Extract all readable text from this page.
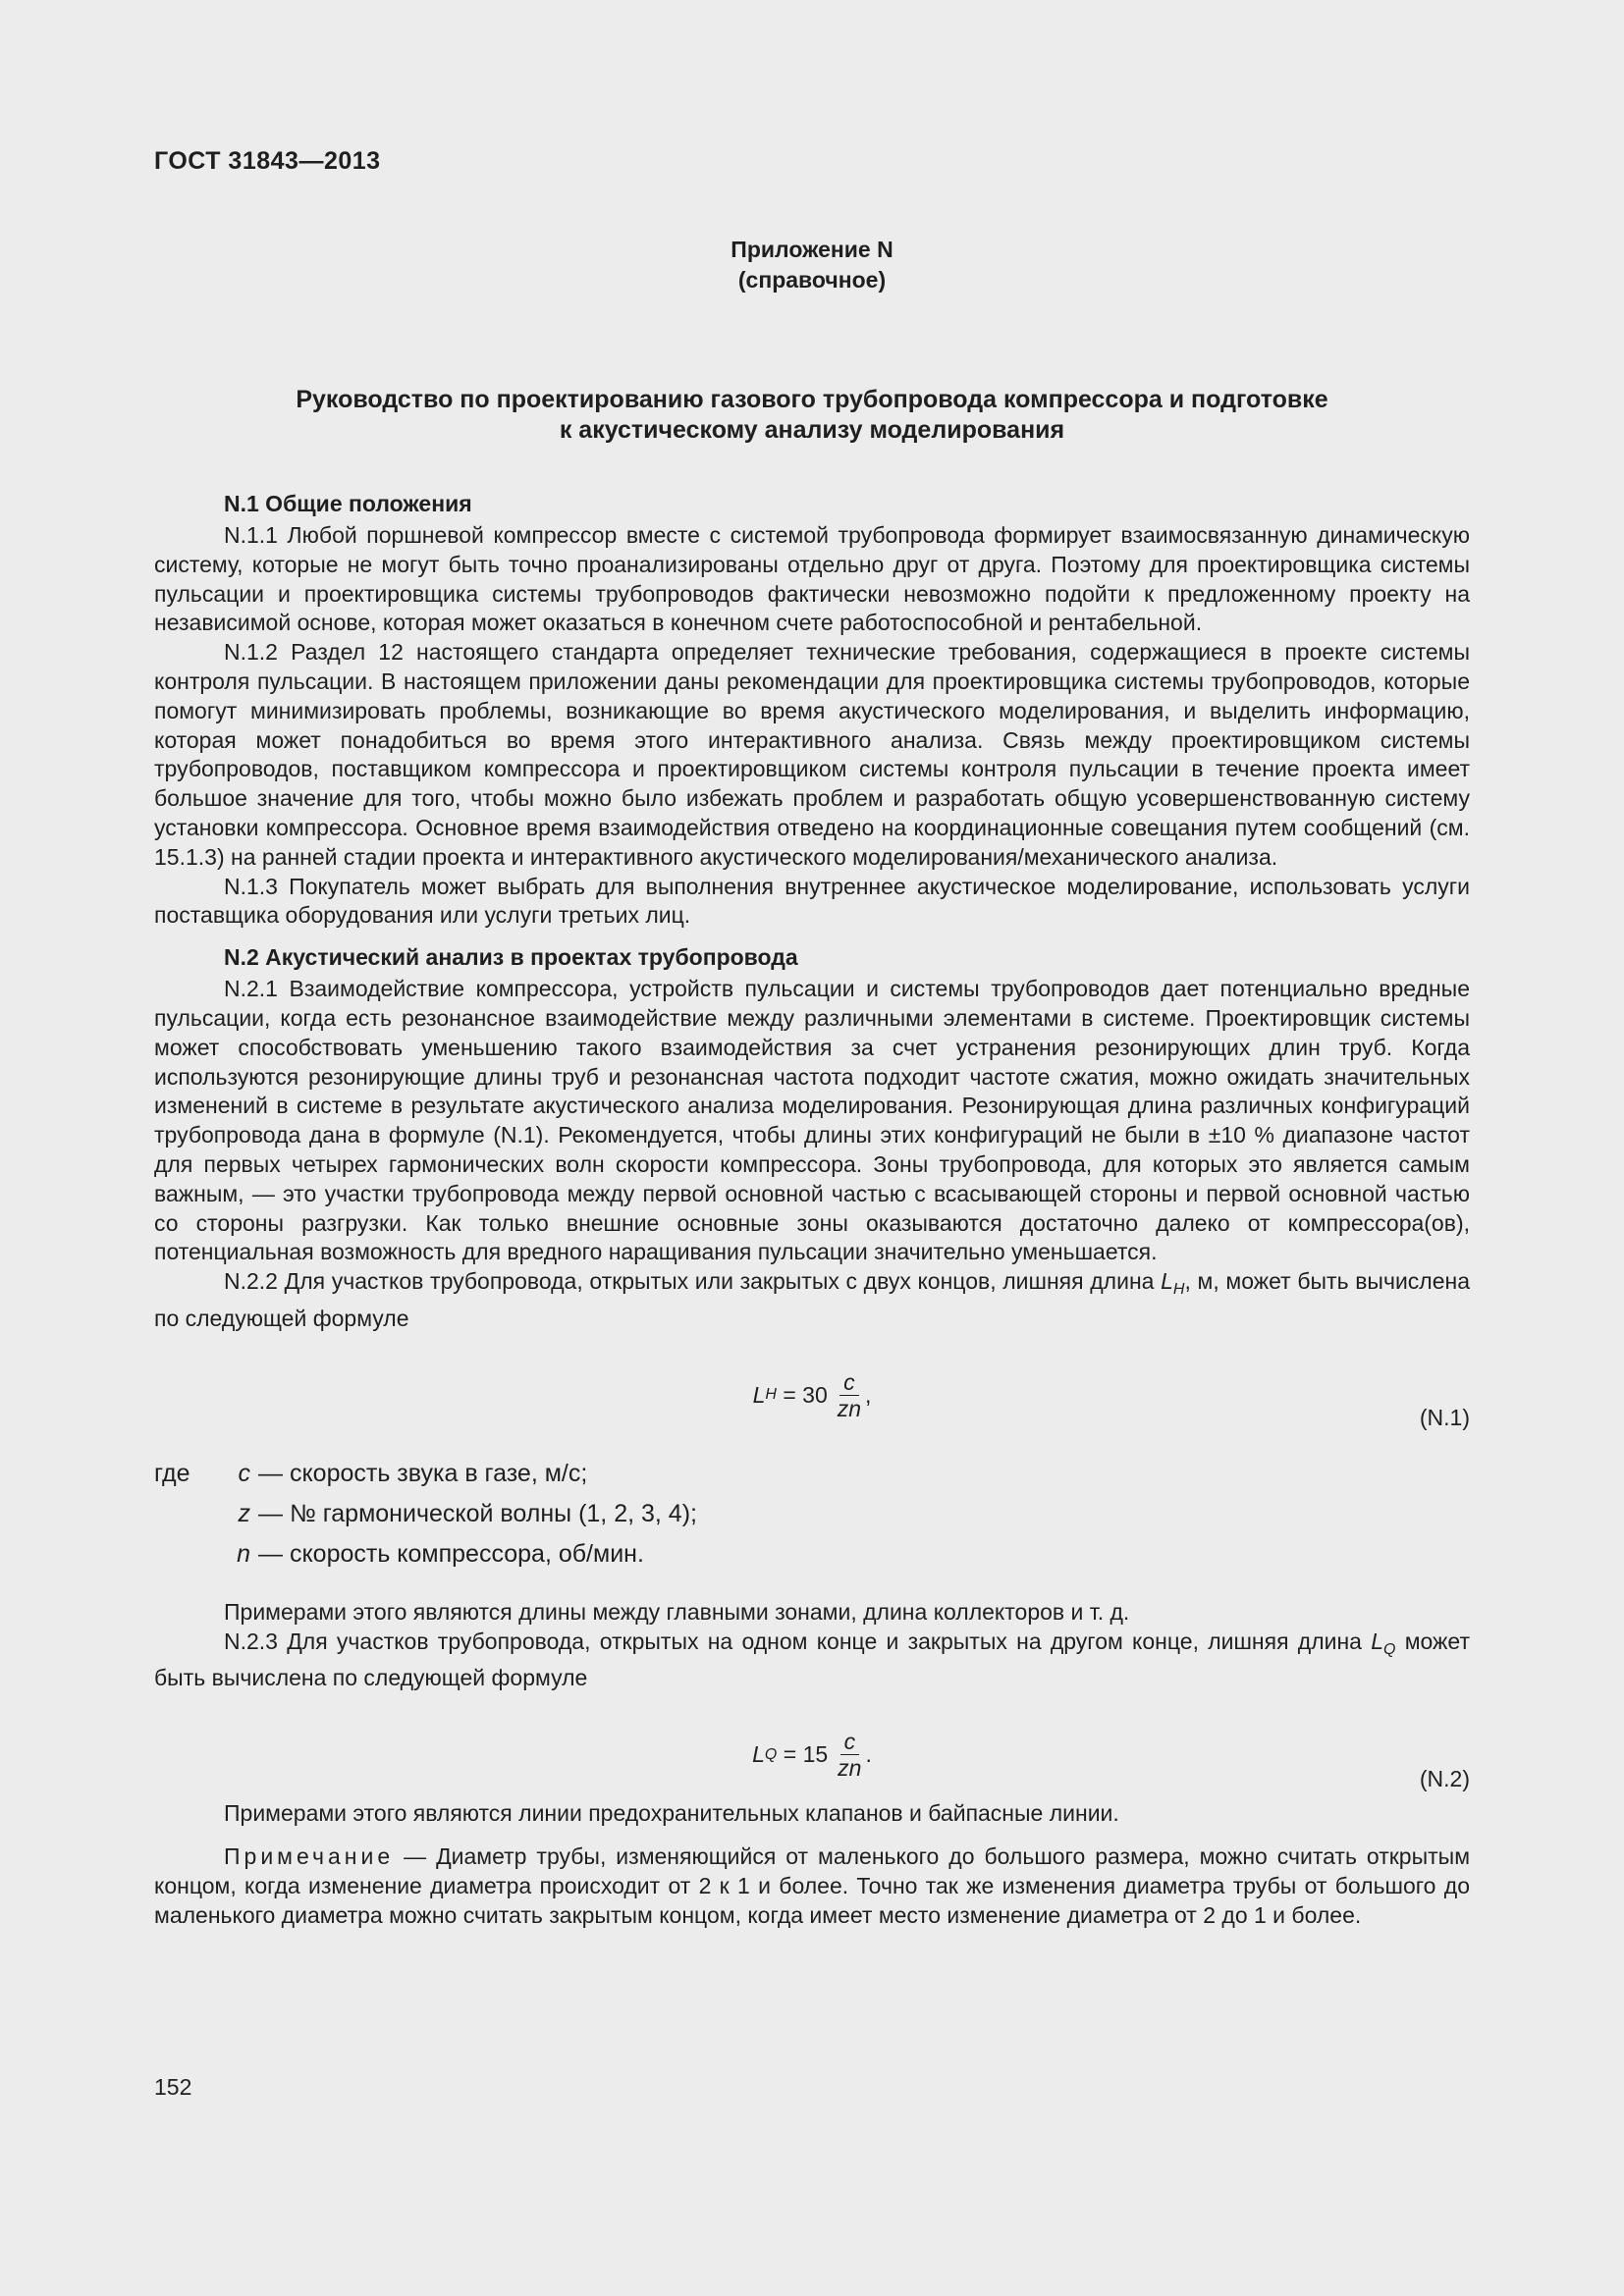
ГОСТ 31843—2013
Приложение N
(справочное)
Руководство по проектированию газового трубопровода компрессора и подготовке
к акустическому анализу моделирования
N.1 Общие положения

N.1.1 Любой поршневой компрессор вместе с системой трубопровода формирует взаимосвязанную динамическую систему, которые не могут быть точно проанализированы отдельно друг от друга. Поэтому для проектировщика системы пульсации и проектировщика системы трубопроводов фактически невозможно подойти к предложенному проекту на независимой основе, которая может оказаться в конечном счете работоспособной и рентабельной.

N.1.2 Раздел 12 настоящего стандарта определяет технические требования, содержащиеся в проекте системы контроля пульсации. В настоящем приложении даны рекомендации для проектировщика системы трубопроводов, которые помогут минимизировать проблемы, возникающие во время акустического моделирования, и выделить информацию, которая может понадобиться во время этого интерактивного анализа. Связь между проектировщиком системы трубопроводов, поставщиком компрессора и проектировщиком системы контроля пульсации в течение проекта имеет большое значение для того, чтобы можно было избежать проблем и разработать общую усовершенствованную систему установки компрессора. Основное время взаимодействия отведено на координационные совещания путем сообщений (см. 15.1.3) на ранней стадии проекта и интерактивного акустического моделирования/механического анализа.

N.1.3 Покупатель может выбрать для выполнения внутреннее акустическое моделирование, использовать услуги поставщика оборудования или услуги третьих лиц.

N.2 Акустический анализ в проектах трубопровода

N.2.1 Взаимодействие компрессора, устройств пульсации и системы трубопроводов дает потенциально вредные пульсации, когда есть резонансное взаимодействие между различными элементами в системе. Проектировщик системы может способствовать уменьшению такого взаимодействия за счет устранения резонирующих длин труб. Когда используются резонирующие длины труб и резонансная частота подходит частоте сжатия, можно ожидать значительных изменений в системе в результате акустического анализа моделирования. Резонирующая длина различных конфигураций трубопровода дана в формуле (N.1). Рекомендуется, чтобы длины этих конфигураций не были в ±10 % диапазоне частот для первых четырех гармонических волн скорости компрессора. Зоны трубопровода, для которых это является самым важным, — это участки трубопровода между первой основной частью с всасывающей стороны и первой основной частью со стороны разгрузки. Как только внешние основные зоны оказываются достаточно далеко от компрессора(ов), потенциальная возможность для вредного наращивания пульсации значительно уменьшается.

N.2.2 Для участков трубопровода, открытых или закрытых с двух концов, лишняя длина $L_H$, м, может быть вычислена по следующей формуле

L $H = 30 \frac{c}{zn}$ ,
(N.1)
где	c — скорость звука в газе, м/с;
z — № гармонической волны (1, 2, 3, 4);
n — скорость компрессора, об/мин.

Примерами этого являются длины между главными зонами, длина коллекторов и т. д.

N.2.3 Для участков трубопровода, открытых на одном конце и закрытых на другом конце, лишняя длина $L_Q$ может быть вычислена по следующей формуле

L $Q = 15 \frac{c}{zn}$ .
(N.2)

Примерами этого являются линии предохранительных клапанов и байпасные линии.

Примечание — Диаметр трубы, изменяющийся от маленького до большого размера, можно считать открытым концом, когда изменение диаметра происходит от 2 к 1 и более. Точно так же изменения диаметра трубы от большого до маленького диаметра можно считать закрытым концом, когда имеет место изменение диаметра от 2 до 1 и более.

152
